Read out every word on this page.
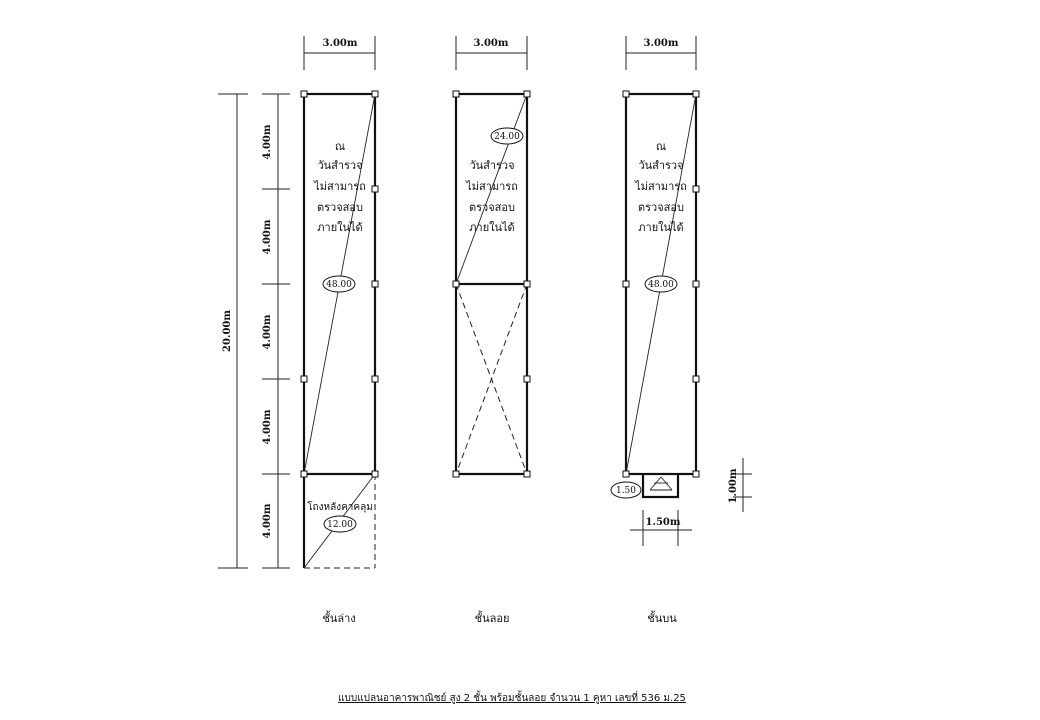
3.00m	3.00m	3.00m
20.00m
4.00m
4.00m
4.00m
4.00m
4.00m
ณ
วันสำรวจ
ไม่สามารถ
ตรวจสอบ
ภายในได้
48.00
โถงหลังคาคลุม
12.00
ชั้นล่าง
24.00
วันสำรวจ
ไม่สามารถ
ตรวจสอบ
ภายในได้
ชั้นลอย
ณ
วันสำรวจ
ไม่สามารถ
ตรวจสอบ
ภายในได้
48.00
1.50
ชั้นบน
1.50m
1.00m
แบบแปลนอาคารพาณิชย์ สูง 2 ชั้น พร้อมชั้นลอย จำนวน 1 คูหา เลขที่ 536 ม.25
